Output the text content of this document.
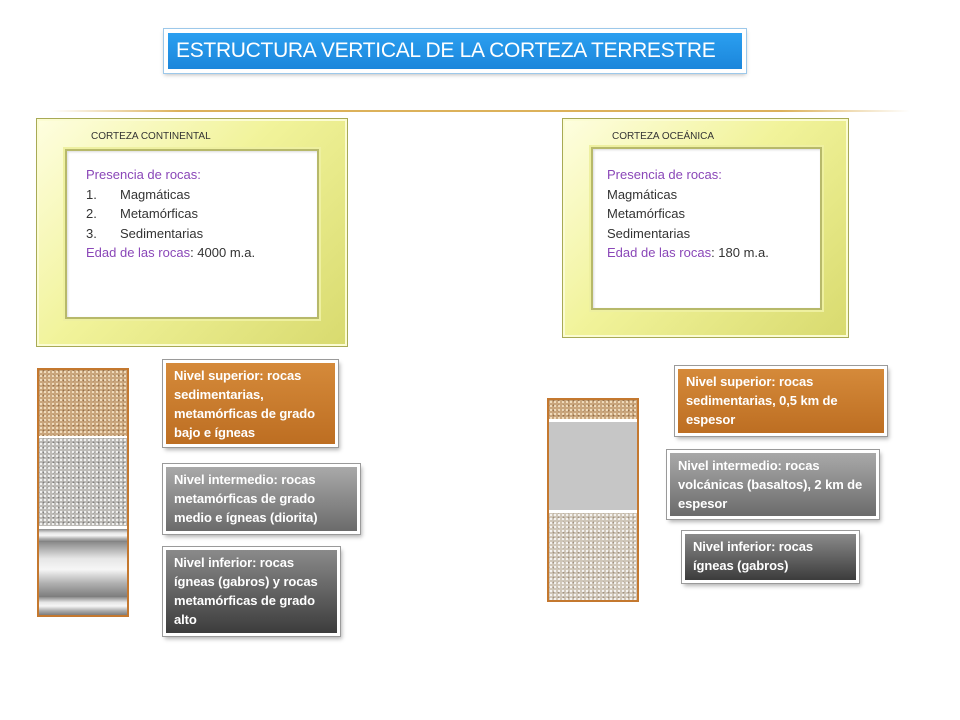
ESTRUCTURA VERTICAL DE LA CORTEZA TERRESTRE
CORTEZA CONTINENTAL
Presencia de rocas:
1. Magmáticas
2. Metamórficas
3. Sedimentarias
Edad de las rocas: 4000 m.a.
CORTEZA OCEÁNICA
Presencia de rocas:
Magmáticas
Metamórficas
Sedimentarias
Edad de las rocas: 180 m.a.
Nivel superior: rocas sedimentarias, metamórficas de grado bajo e ígneas
Nivel intermedio: rocas metamórficas de grado medio e ígneas (diorita)
Nivel inferior: rocas ígneas (gabros) y rocas metamórficas de grado alto
Nivel superior: rocas sedimentarias, 0,5 km de espesor
Nivel intermedio: rocas volcánicas (basaltos), 2 km de espesor
Nivel inferior: rocas ígneas (gabros)
